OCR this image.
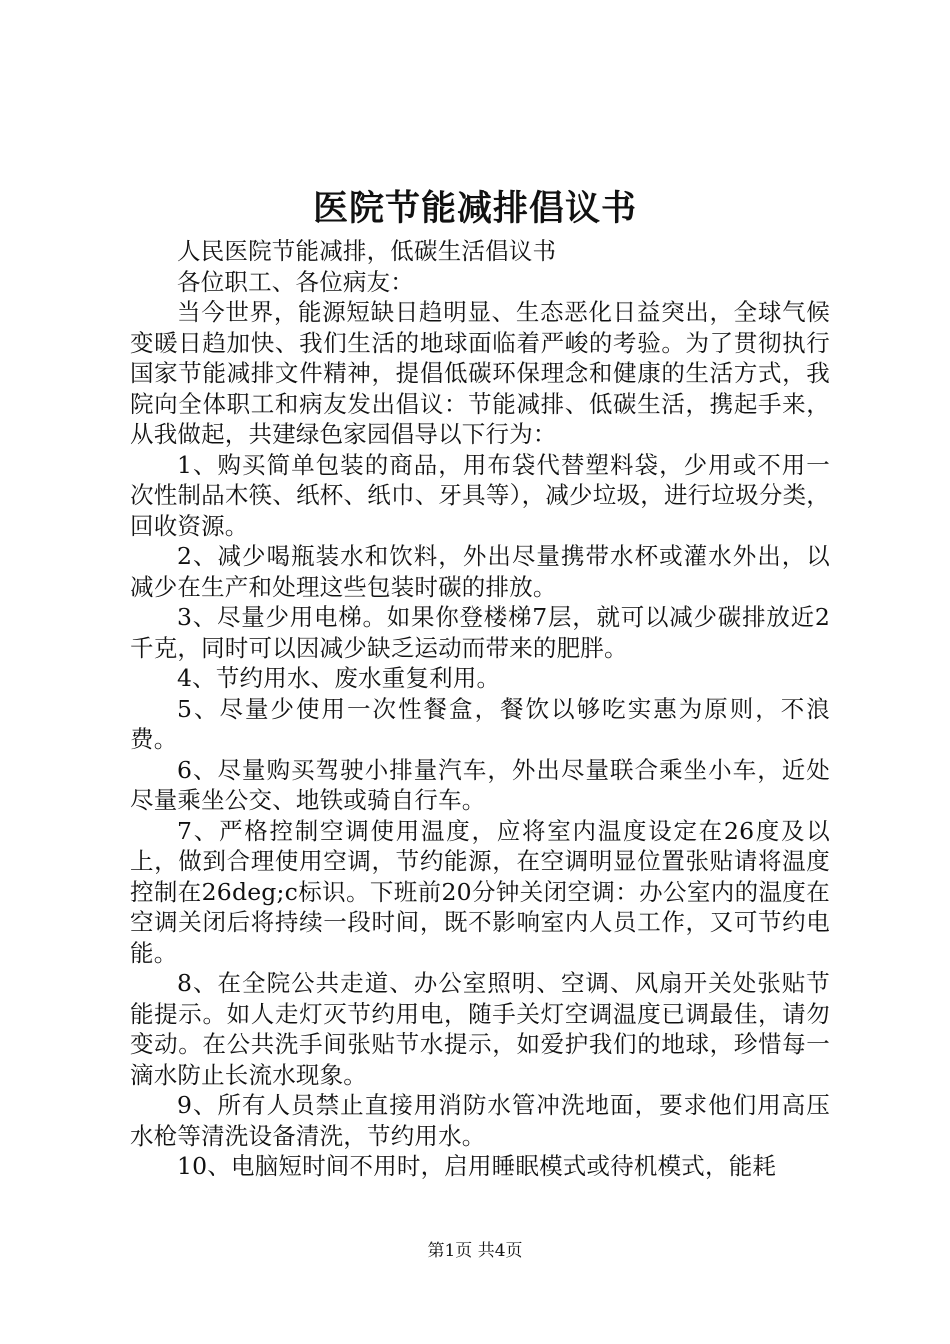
医院节能减排倡议书

人民医院节能减排，低碳生活倡议书

各位职工、各位病友：

当今世界，能源短缺日趋明显、生态恶化日益突出，全球气候变暖日趋加快、我们生活的地球面临着严峻的考验。为了贯彻执行国家节能减排文件精神，提倡低碳环保理念和健康的生活方式，我院向全体职工和病友发出倡议：节能减排、低碳生活，携起手来，从我做起，共建绿色家园倡导以下行为：

1、购买简单包装的商品，用布袋代替塑料袋，少用或不用一次性制品木筷、纸杯、纸巾、牙具等），减少垃圾，进行垃圾分类，回收资源。

2、减少喝瓶装水和饮料，外出尽量携带水杯或灌水外出，以减少在生产和处理这些包装时碳的排放。

3、尽量少用电梯。如果你登楼梯7层，就可以减少碳排放近2千克，同时可以因减少缺乏运动而带来的肥胖。

4、节约用水、废水重复利用。

5、尽量少使用一次性餐盒，餐饮以够吃实惠为原则，不浪费。

6、尽量购买驾驶小排量汽车，外出尽量联合乘坐小车，近处尽量乘坐公交、地铁或骑自行车。

7、严格控制空调使用温度，应将室内温度设定在26度及以上，做到合理使用空调，节约能源，在空调明显位置张贴请将温度控制在26deg;c标识。下班前20分钟关闭空调：办公室内的温度在空调关闭后将持续一段时间，既不影响室内人员工作，又可节约电能。

8、在全院公共走道、办公室照明、空调、风扇开关处张贴节能提示。如人走灯灭节约用电，随手关灯空调温度已调最佳，请勿变动。在公共洗手间张贴节水提示，如爱护我们的地球，珍惜每一滴水防止长流水现象。

9、所有人员禁止直接用消防水管冲洗地面，要求他们用高压水枪等清洗设备清洗，节约用水。

10、电脑短时间不用时，启用睡眠模式或待机模式，能耗

第1页 共4页
